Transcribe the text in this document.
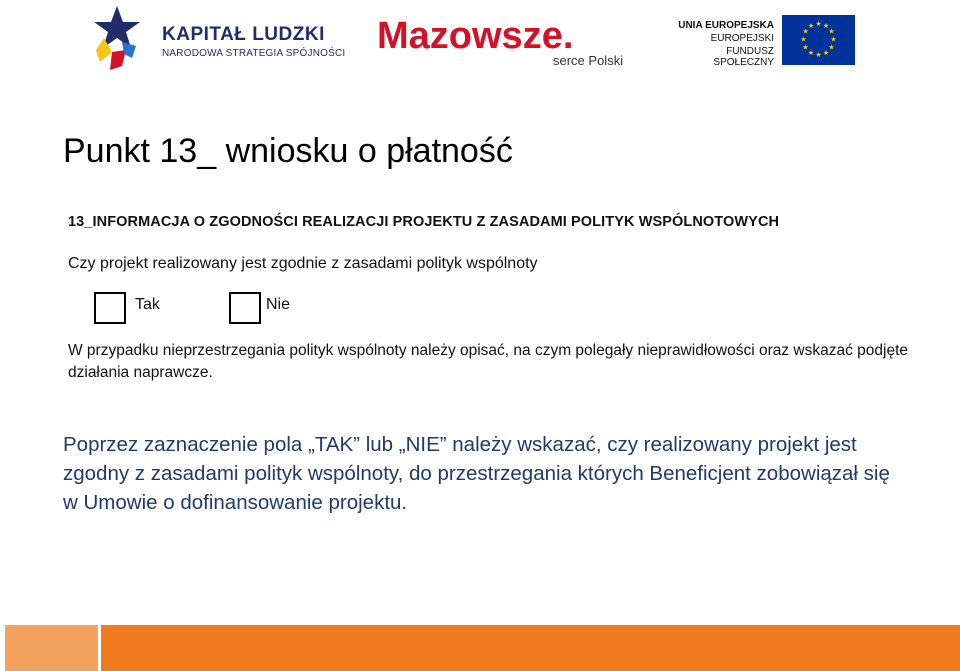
KAPITAŁ LUDZKI
NARODOWA STRATEGIA SPÓJNOŚCI Mazowsze.
serce Polski
UNIA EUROPEJSKA
EUROPEJSKI
FUNDUSZ SPOŁECZNY
★ ★
★
★
★
★
★
★
★
★
★
★
Punkt 13_ wniosku o płatność
13_INFORMACJA O ZGODNOŚCI REALIZACJI PROJEKTU Z ZASADAMI POLITYK WSPÓLNOTOWYCH
Czy projekt realizowany jest zgodnie z zasadami polityk wspólnoty
Tak	Nie
W przypadku nieprzestrzegania polityk wspólnoty należy opisać, na czym polegały nieprawidłowości oraz wskazać podjęte działania naprawcze.
Poprzez zaznaczenie pola „TAK” lub „NIE” należy wskazać, czy realizowany projekt jest zgodny z zasadami polityk wspólnoty, do przestrzegania których Beneficjent zobowiązał się w Umowie o dofinansowanie projektu.
